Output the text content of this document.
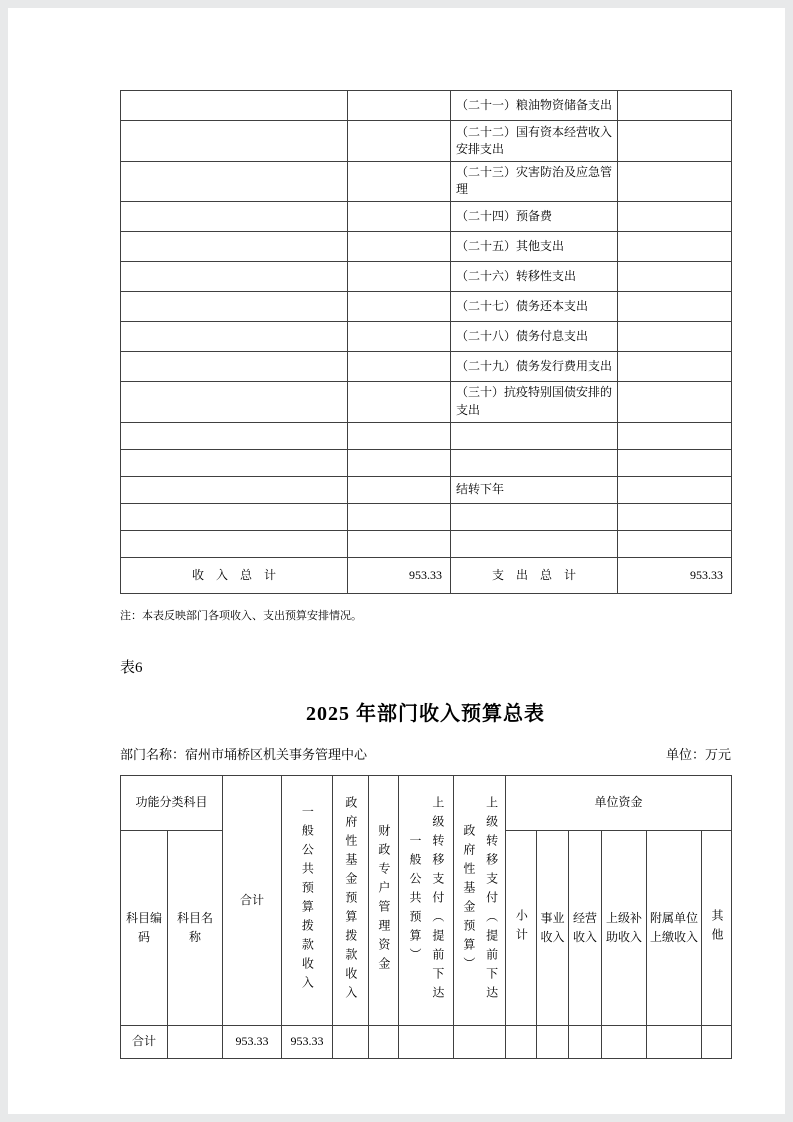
		（二十一）粮油物资储备支出	
		（二十二）国有资本经营收入安排支出	
		（二十三）灾害防治及应急管理	
		（二十四）预备费	
		（二十五）其他支出	
		（二十六）转移性支出	
		（二十七）债务还本支出	
		（二十八）债务付息支出	
		（二十九）债务发行费用支出	
		（三十）抗疫特别国债安排的支出	

		结转下年	

收　入　总　计	953.33	支　出　总　计	953.33
注：本表反映部门各项收入、支出预算安排情况。
表6
2025 年部门收入预算总表
部门名称：宿州市埇桥区机关事务管理中心	单位：万元
功能分类科目		合计	一般公共预算拨款收入	政府性基金预算拨款收入	财政专户管理资金	上级转移支付（提前下达一般公共预算）	上级转移支付（提前下达政府性基金预算）	单位资金					
科目编码	科目名称							小计	事业收入	经营收入	上级补助收入	附属单位上缴收入	其他
合计		953.33	953.33										
